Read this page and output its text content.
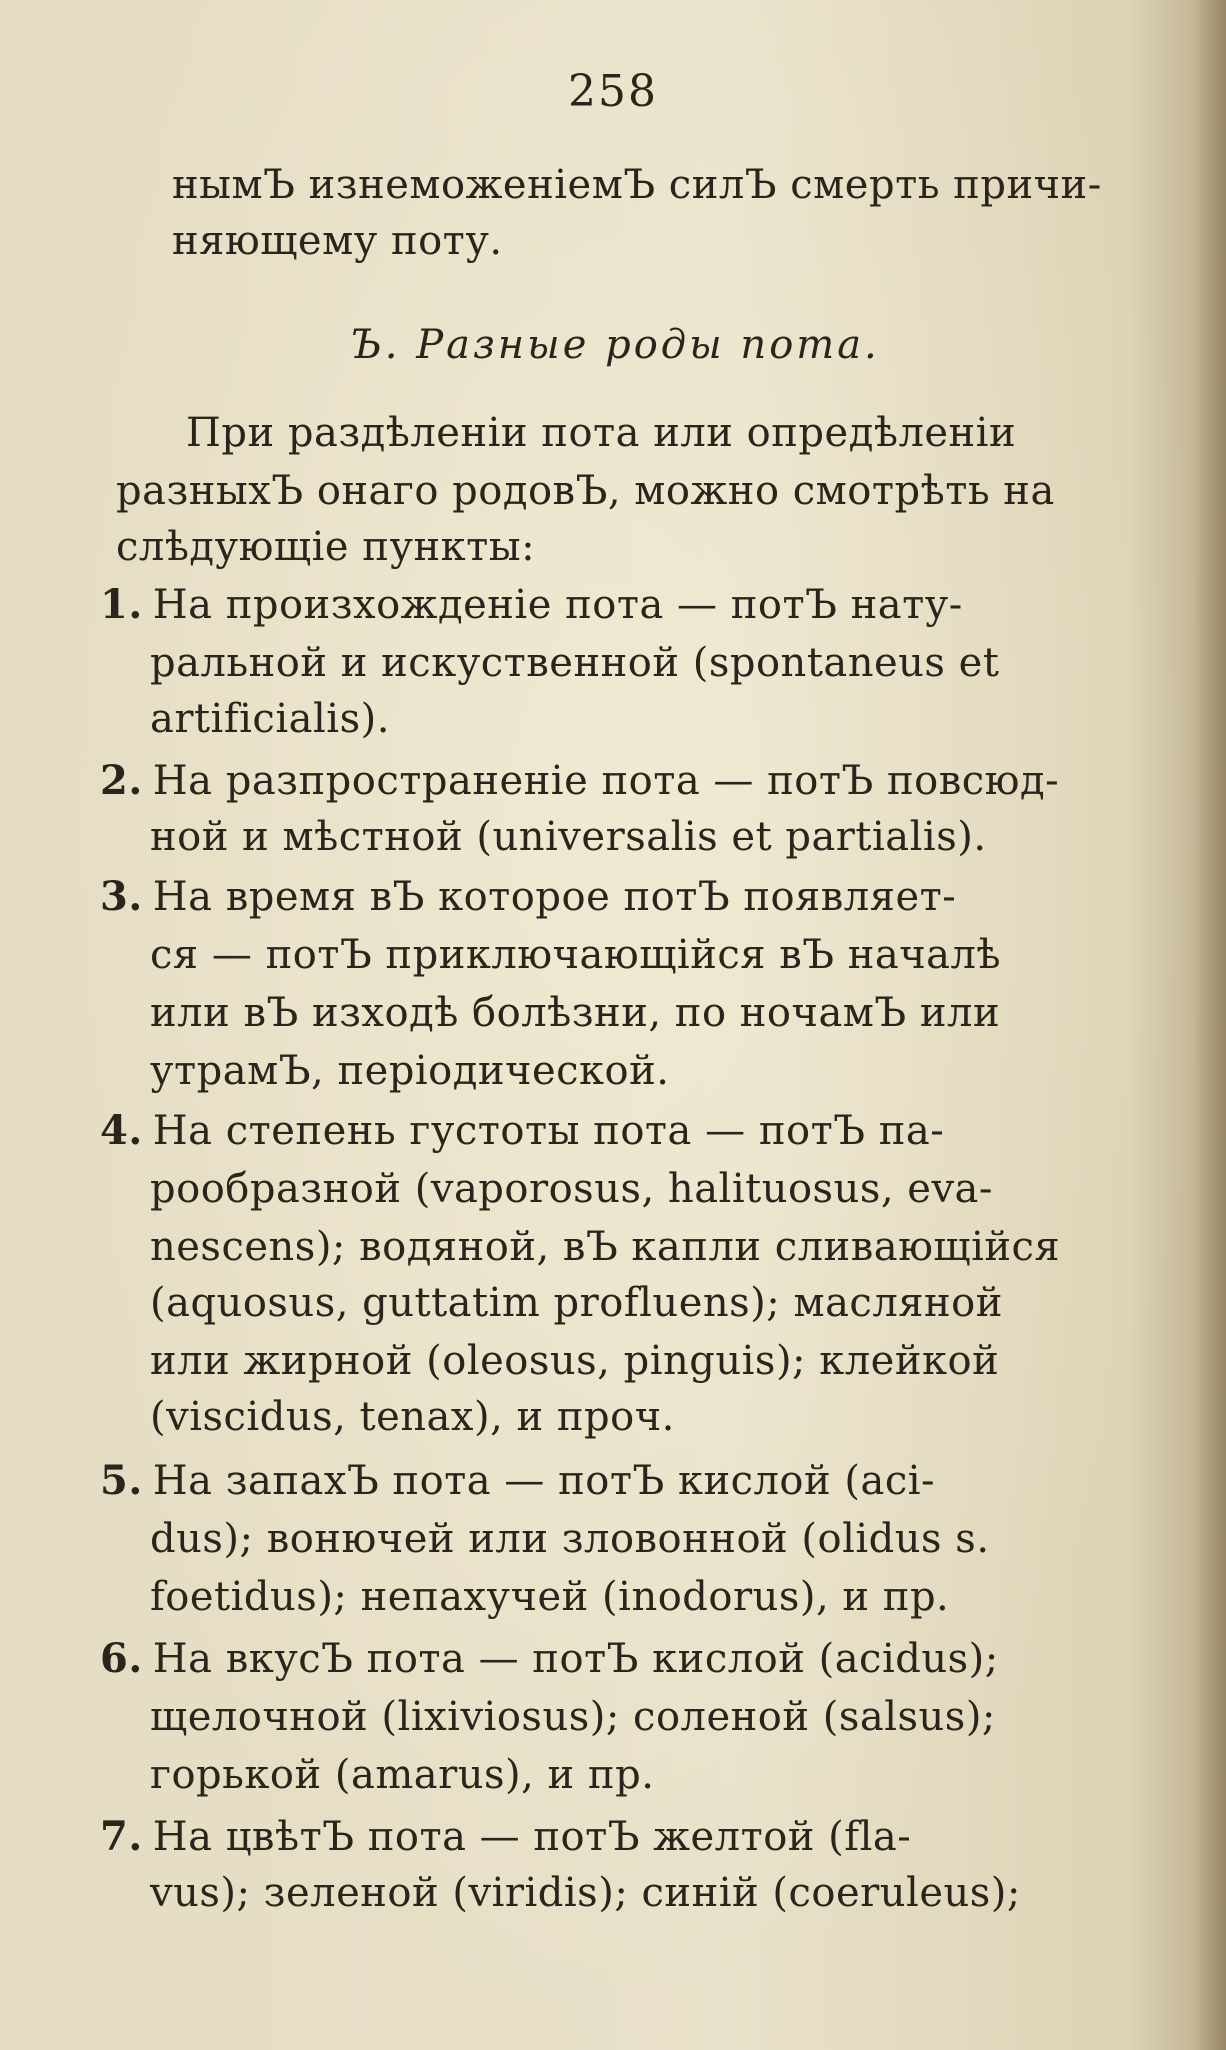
258
нымЪ изнеможенiемЪ силЪ смерть причи-
няющему поту.
Ъ. Разные роды пота.
При раздѣленiи пота или опредѣленiи
разныхЪ онаго родовЪ, можно смотрѣть на
слѣдующiе пункты:
1. На произхожденiе пота — потЪ нату-
ральной и искуственной (spontaneus et
artificialis).
2. На разпространенiе пота — потЪ повсюд-
ной и мѣстной (universalis et partialis).
3. На время вЪ которое потЪ появляет-
ся — потЪ приключающiйся вЪ началѣ
или вЪ изходѣ болѣзни, по ночамЪ или
утрамЪ, перiодической.
4. На степень густоты пота — потЪ па-
рообразной (vaporosus, halituosus, eva-
nescens); водяной, вЪ капли сливающiйся
(aquosus, guttatim profluens); масляной
или жирной (oleosus, pinguis); клейкой
(viscidus, tenax), и проч.
5. На запахЪ пота — потЪ кислой (aci-
dus); вонючей или зловонной (olidus s.
foetidus); непахучей (inodorus), и пр.
6. На вкусЪ пота — потЪ кислой (acidus);
щелочной (lixiviosus); соленой (salsus);
горькой (amarus), и пр.
7. На цвѣтЪ пота — потЪ желтой (fla-
vus); зеленой (viridis); синiй (coeruleus);
